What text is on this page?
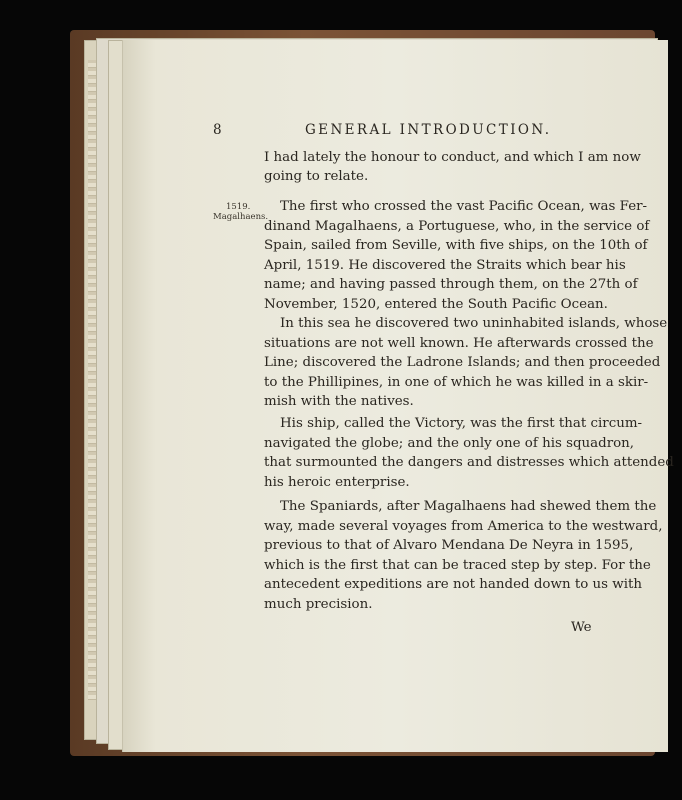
8	GENERAL INTRODUCTION.
1519.
Magalhaens.
I had lately the honour to conduct, and which I am now
going to relate.
The first who crossed the vast Pacific Ocean, was Fer-
dinand Magalhaens, a Portuguese, who, in the service of
Spain, sailed from Seville, with five ships, on the 10th of
April, 1519. He discovered the Straits which bear his
name; and having passed through them, on the 27th of
November, 1520, entered the South Pacific Ocean.
In this sea he discovered two uninhabited islands, whose
situations are not well known. He afterwards crossed the
Line; discovered the Ladrone Islands; and then proceeded
to the Phillipines, in one of which he was killed in a skir-
mish with the natives.
His ship, called the Victory, was the first that circum-
navigated the globe; and the only one of his squadron,
that surmounted the dangers and distresses which attended
his heroic enterprise.
The Spaniards, after Magalhaens had shewed them the
way, made several voyages from America to the westward,
previous to that of Alvaro Mendana De Neyra in 1595,
which is the first that can be traced step by step. For the
antecedent expeditions are not handed down to us with
much precision.
We
